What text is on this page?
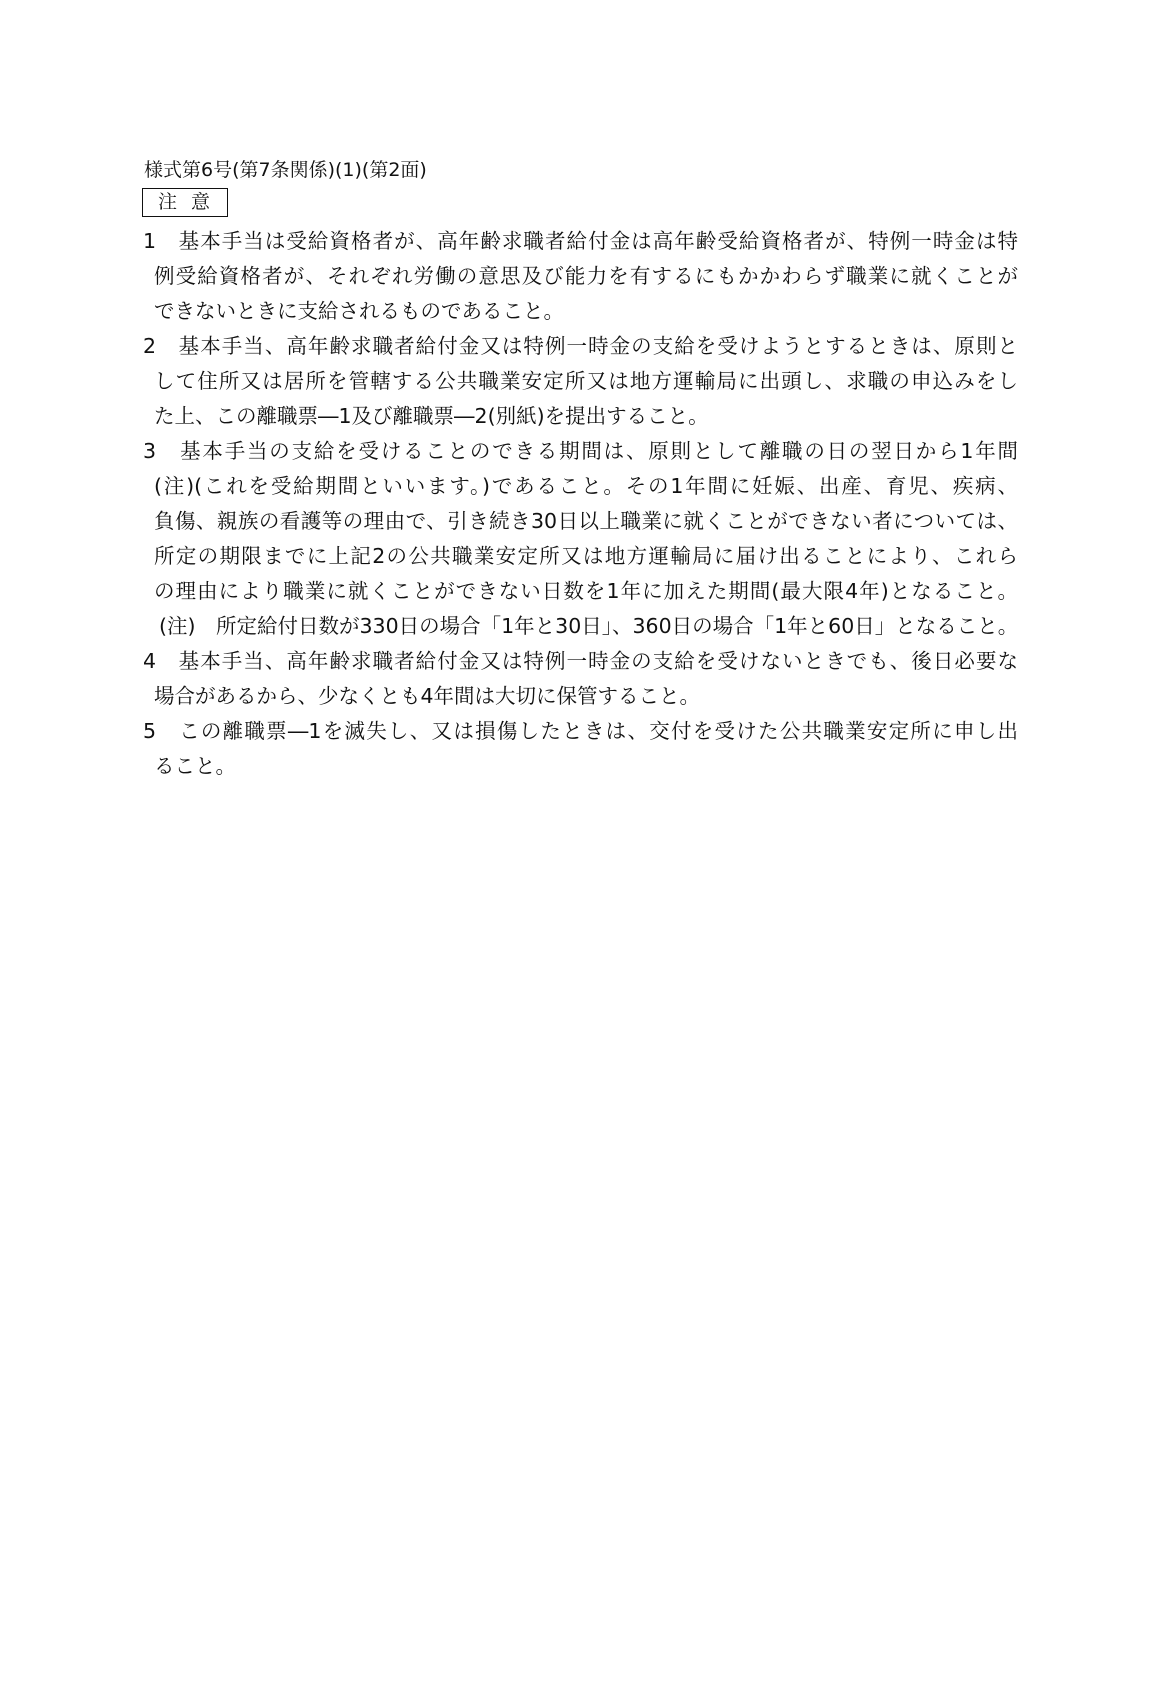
様式第6号(第7条関係)(1)(第2面)
注意
1　基本手当は受給資格者が、高年齢求職者給付金は高年齢受給資格者が、特例一時金は特
例受給資格者が、それぞれ労働の意思及び能力を有するにもかかわらず職業に就くことが
できないときに支給されるものであること。
2　基本手当、高年齢求職者給付金又は特例一時金の支給を受けようとするときは、原則と
して住所又は居所を管轄する公共職業安定所又は地方運輸局に出頭し、求職の申込みをし
た上、この離職票―1及び離職票―2(別紙)を提出すること。
3　基本手当の支給を受けることのできる期間は、原則として離職の日の翌日から1年間
(注)(これを受給期間といいます。)であること。その1年間に妊娠、出産、育児、疾病、
負傷、親族の看護等の理由で、引き続き30日以上職業に就くことができない者については、
所定の期限までに上記2の公共職業安定所又は地方運輸局に届け出ることにより、これら
の理由により職業に就くことができない日数を1年に加えた期間(最大限4年)となること。
(注)　所定給付日数が330日の場合「1年と30日」、360日の場合「1年と60日」となること。
4　基本手当、高年齢求職者給付金又は特例一時金の支給を受けないときでも、後日必要な
場合があるから、少なくとも4年間は大切に保管すること。
5　この離職票―1を滅失し、又は損傷したときは、交付を受けた公共職業安定所に申し出
ること。
